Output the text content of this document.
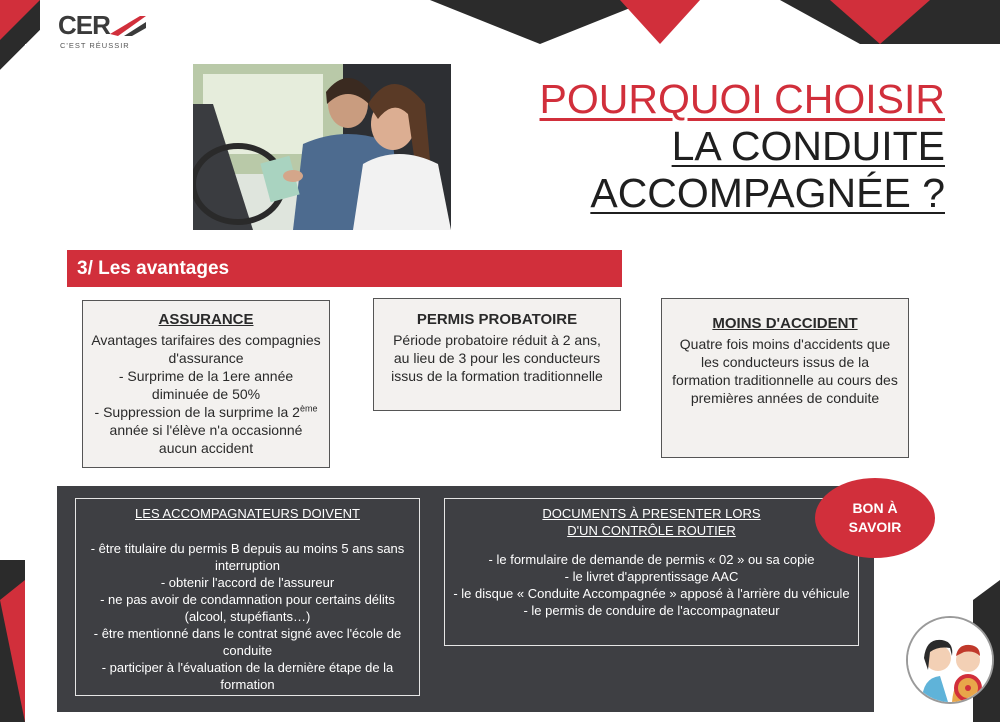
CER
C'EST RÉUSSIR
POURQUOI CHOISIR
LA CONDUITE
ACCOMPAGNÉE ?
3/ Les avantages
ASSURANCE
Avantages tarifaires des compagnies d'assurance
- Surprime de la 1ere année diminuée de 50%
- Suppression de la surprime la 2ème année si l'élève n'a occasionné aucun accident
PERMIS PROBATOIRE
Période probatoire réduit à 2 ans, au lieu de 3 pour les conducteurs issus de la formation traditionnelle
MOINS D'ACCIDENT
Quatre fois moins d'accidents que les conducteurs issus de la formation traditionnelle au cours des premières années de conduite
LES ACCOMPAGNATEURS DOIVENT
- être titulaire du permis B depuis au moins 5 ans sans interruption
- obtenir l'accord de l'assureur
- ne pas avoir de condamnation pour certains délits (alcool, stupéfiants…)
- être mentionné dans le contrat signé avec l'école de conduite
- participer à l'évaluation de la dernière étape de la formation
DOCUMENTS À PRESENTER LORS
D'UN CONTRÔLE ROUTIER
- le formulaire de demande de permis « 02 » ou sa copie
- le livret d'apprentissage AAC
- le disque « Conduite Accompagnée » apposé à l'arrière du véhicule
- le permis de conduire de l'accompagnateur
BON À
SAVOIR
